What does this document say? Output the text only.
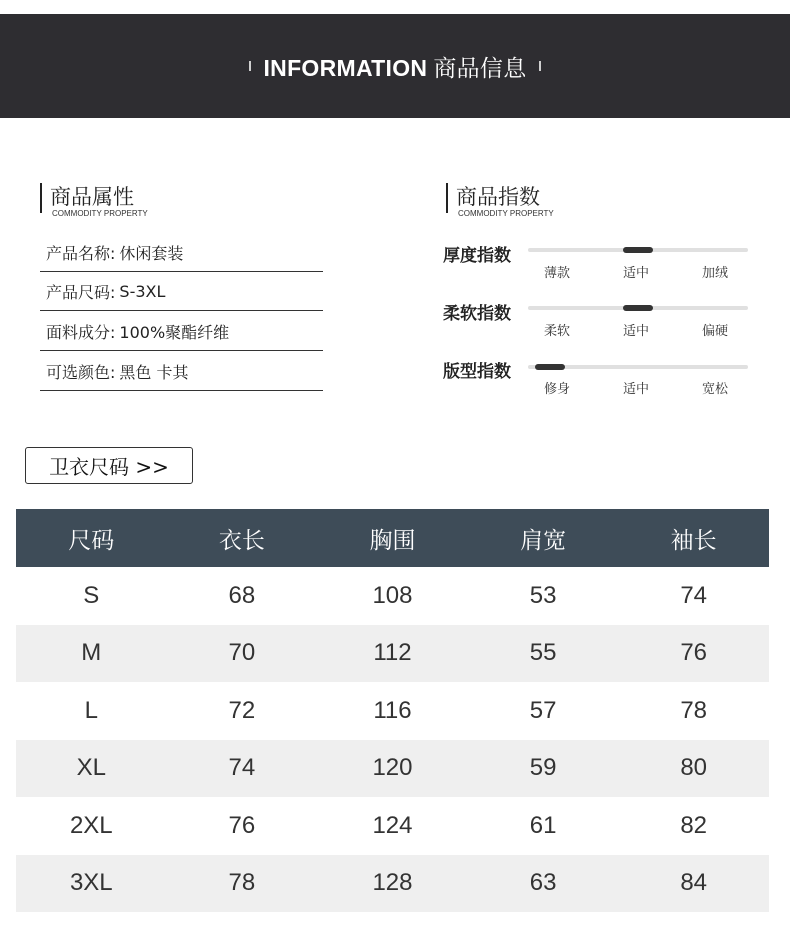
INFORMATION 商品信息
商品属性
COMMODITY PROPERTY
产品名称: 休闲套装
产品尺码: S-3XL
面料成分: 100%聚酯纤维
可选颜色: 黑色 卡其
商品指数
COMMODITY PROPERTY
厚度指数
薄款	适中	加绒
柔软指数
柔软	适中	偏硬
版型指数
修身	适中	宽松
卫衣尺码 >>
尺码	衣长	胸围	肩宽	袖长
S	68	108	53	74
M	70	112	55	76
L	72	116	57	78
XL	74	120	59	80
2XL	76	124	61	82
3XL	78	128	63	84
